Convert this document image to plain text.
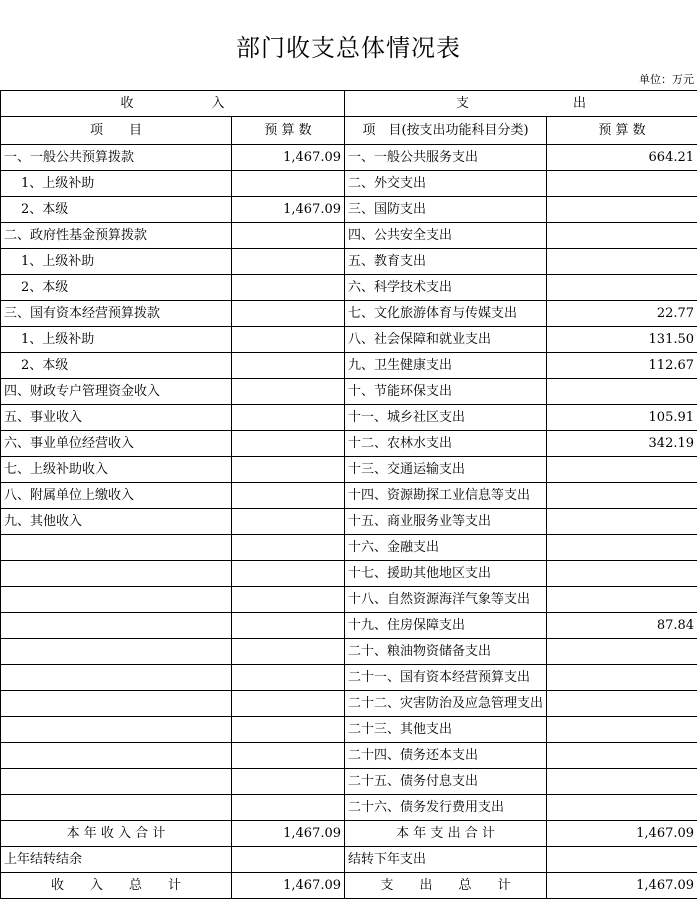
部门收支总体情况表
单位：万元
收　　　　　　入		支　　　　　　　　出	
项　　目	预 算 数	项　目(按支出功能科目分类)	预 算 数
一、一般公共预算拨款	1,467.09	一、一般公共服务支出	664.21
1、上级补助		二、外交支出	
2、本级	1,467.09	三、国防支出	
二、政府性基金预算拨款		四、公共安全支出	
1、上级补助		五、教育支出	
2、本级		六、科学技术支出	
三、国有资本经营预算拨款		七、文化旅游体育与传媒支出	22.77
1、上级补助		八、社会保障和就业支出	131.50
2、本级		九、卫生健康支出	112.67
四、财政专户管理资金收入		十、节能环保支出	
五、事业收入		十一、城乡社区支出	105.91
六、事业单位经营收入		十二、农林水支出	342.19
七、上级补助收入		十三、交通运输支出	
八、附属单位上缴收入		十四、资源勘探工业信息等支出	
九、其他收入		十五、商业服务业等支出	
		十六、金融支出	
		十七、援助其他地区支出	
		十八、自然资源海洋气象等支出	
		十九、住房保障支出	87.84
		二十、粮油物资储备支出	
		二十一、国有资本经营预算支出	
		二十二、灾害防治及应急管理支出	
		二十三、其他支出	
		二十四、债务还本支出	
		二十五、债务付息支出	
		二十六、债务发行费用支出	
本 年 收 入 合 计	1,467.09	本 年 支 出 合 计	1,467.09
上年结转结余		结转下年支出	
收　　入　　总　　计	1,467.09	支　　出　　总　　计	1,467.09
